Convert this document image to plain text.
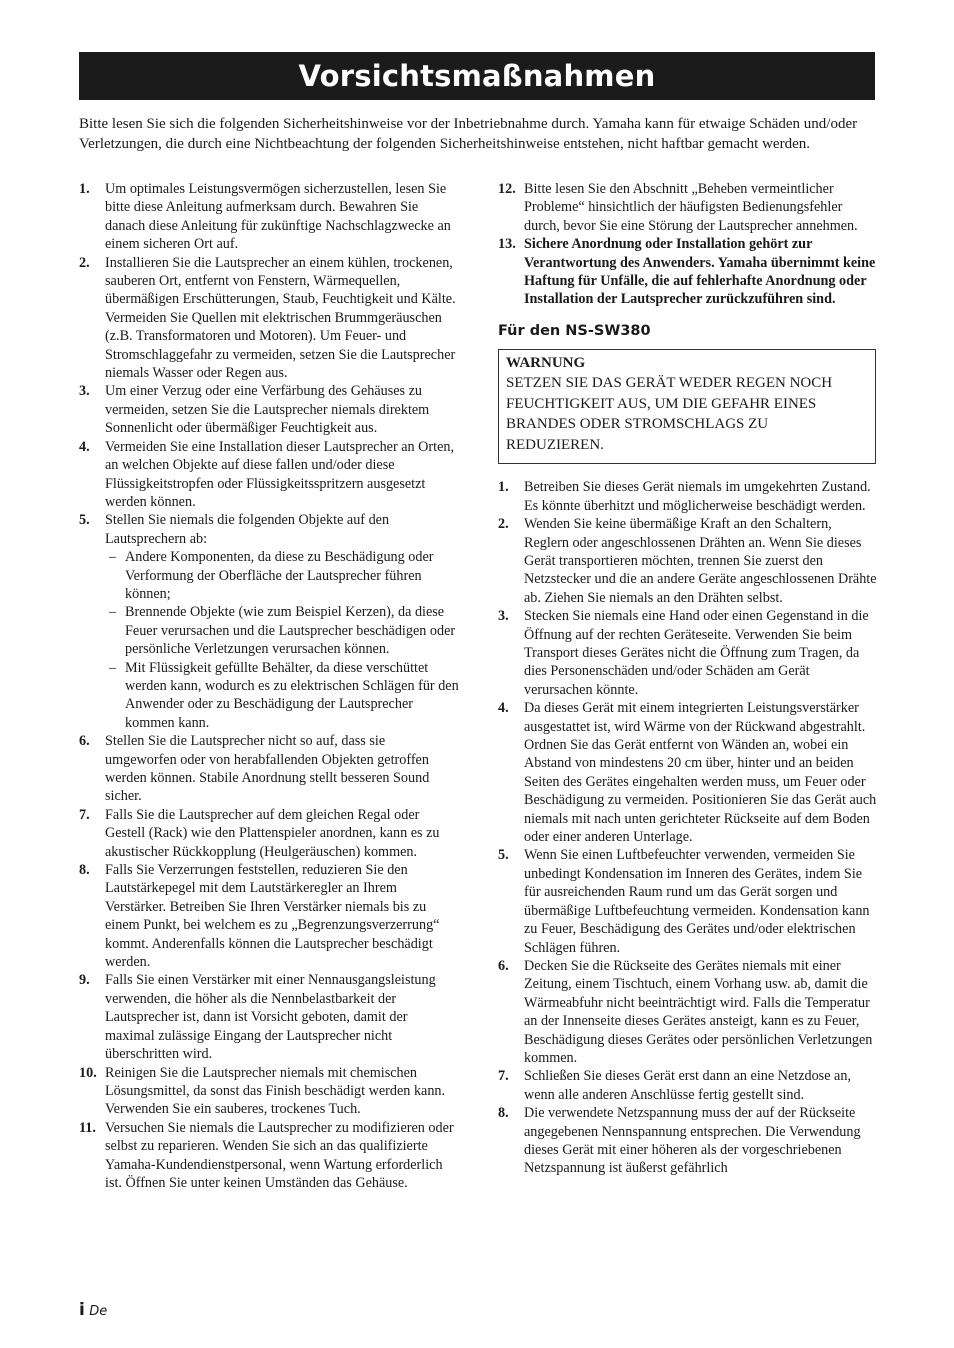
Vorsichtsmaßnahmen

Bitte lesen Sie sich die folgenden Sicherheitshinweise vor der Inbetriebnahme durch. Yamaha kann für etwaige Schäden und/oder Verletzungen, die durch eine Nichtbeachtung der folgenden Sicherheitshinweise entstehen, nicht haftbar gemacht werden.

1. Um optimales Leistungsvermögen sicherzustellen, lesen Sie bitte diese Anleitung aufmerksam durch. Bewahren Sie danach diese Anleitung für zukünftige Nachschlagzwecke an einem sicheren Ort auf.
2. Installieren Sie die Lautsprecher an einem kühlen, trockenen, sauberen Ort, entfernt von Fenstern, Wärmequellen, übermäßigen Erschütterungen, Staub, Feuchtigkeit und Kälte. Vermeiden Sie Quellen mit elektrischen Brummgeräuschen (z.B. Transformatoren und Motoren). Um Feuer- und Stromschlaggefahr zu vermeiden, setzen Sie die Lautsprecher niemals Wasser oder Regen aus.
3. Um einer Verzug oder eine Verfärbung des Gehäuses zu vermeiden, setzen Sie die Lautsprecher niemals direktem Sonnenlicht oder übermäßiger Feuchtigkeit aus.
4. Vermeiden Sie eine Installation dieser Lautsprecher an Orten, an welchen Objekte auf diese fallen und/oder diese Flüssigkeitstropfen oder Flüssigkeitsspritzern ausgesetzt werden können.
5. Stellen Sie niemals die folgenden Objekte auf den Lautsprechern ab:
– Andere Komponenten, da diese zu Beschädigung oder Verformung der Oberfläche der Lautsprecher führen können;
– Brennende Objekte (wie zum Beispiel Kerzen), da diese Feuer verursachen und die Lautsprecher beschädigen oder persönliche Verletzungen verursachen können.
– Mit Flüssigkeit gefüllte Behälter, da diese verschüttet werden kann, wodurch es zu elektrischen Schlägen für den Anwender oder zu Beschädigung der Lautsprecher kommen kann.
6. Stellen Sie die Lautsprecher nicht so auf, dass sie umgeworfen oder von herabfallenden Objekten getroffen werden können. Stabile Anordnung stellt besseren Sound sicher.
7. Falls Sie die Lautsprecher auf dem gleichen Regal oder Gestell (Rack) wie den Plattenspieler anordnen, kann es zu akustischer Rückkopplung (Heulgeräuschen) kommen.
8. Falls Sie Verzerrungen feststellen, reduzieren Sie den Lautstärkepegel mit dem Lautstärkeregler an Ihrem Verstärker. Betreiben Sie Ihren Verstärker niemals bis zu einem Punkt, bei welchem es zu „Begrenzungsverzerrung“ kommt. Anderenfalls können die Lautsprecher beschädigt werden.
9. Falls Sie einen Verstärker mit einer Nennausgangsleistung verwenden, die höher als die Nennbelastbarkeit der Lautsprecher ist, dann ist Vorsicht geboten, damit der maximal zulässige Eingang der Lautsprecher nicht überschritten wird.
10. Reinigen Sie die Lautsprecher niemals mit chemischen Lösungsmittel, da sonst das Finish beschädigt werden kann. Verwenden Sie ein sauberes, trockenes Tuch.
11. Versuchen Sie niemals die Lautsprecher zu modifizieren oder selbst zu reparieren. Wenden Sie sich an das qualifizierte Yamaha-Kundendienstpersonal, wenn Wartung erforderlich ist. Öffnen Sie unter keinen Umständen das Gehäuse.
12. Bitte lesen Sie den Abschnitt „Beheben vermeintlicher Probleme“ hinsichtlich der häufigsten Bedienungsfehler durch, bevor Sie eine Störung der Lautsprecher annehmen.
13. Sichere Anordnung oder Installation gehört zur Verantwortung des Anwenders. Yamaha übernimmt keine Haftung für Unfälle, die auf fehlerhafte Anordnung oder Installation der Lautsprecher zurückzuführen sind.
Für den NS-SW380
WARNUNG
SETZEN SIE DAS GERÄT WEDER REGEN NOCH FEUCHTIGKEIT AUS, UM DIE GEFAHR EINES BRANDES ODER STROMSCHLAGS ZU REDUZIEREN.
1. Betreiben Sie dieses Gerät niemals im umgekehrten Zustand. Es könnte überhitzt und möglicherweise beschädigt werden.
2. Wenden Sie keine übermäßige Kraft an den Schaltern, Reglern oder angeschlossenen Drähten an. Wenn Sie dieses Gerät transportieren möchten, trennen Sie zuerst den Netzstecker und die an andere Geräte angeschlossenen Drähte ab. Ziehen Sie niemals an den Drähten selbst.
3. Stecken Sie niemals eine Hand oder einen Gegenstand in die Öffnung auf der rechten Geräteseite. Verwenden Sie beim Transport dieses Gerätes nicht die Öffnung zum Tragen, da dies Personenschäden und/oder Schäden am Gerät verursachen könnte.
4. Da dieses Gerät mit einem integrierten Leistungsverstärker ausgestattet ist, wird Wärme von der Rückwand abgestrahlt. Ordnen Sie das Gerät entfernt von Wänden an, wobei ein Abstand von mindestens 20 cm über, hinter und an beiden Seiten des Gerätes eingehalten werden muss, um Feuer oder Beschädigung zu vermeiden. Positionieren Sie das Gerät auch niemals mit nach unten gerichteter Rückseite auf dem Boden oder einer anderen Unterlage.
5. Wenn Sie einen Luftbefeuchter verwenden, vermeiden Sie unbedingt Kondensation im Inneren des Gerätes, indem Sie für ausreichenden Raum rund um das Gerät sorgen und übermäßige Luftbefeuchtung vermeiden. Kondensation kann zu Feuer, Beschädigung des Gerätes und/oder elektrischen Schlägen führen.
6. Decken Sie die Rückseite des Gerätes niemals mit einer Zeitung, einem Tischtuch, einem Vorhang usw. ab, damit die Wärmeabfuhr nicht beeinträchtigt wird. Falls die Temperatur an der Innenseite dieses Gerätes ansteigt, kann es zu Feuer, Beschädigung dieses Gerätes oder persönlichen Verletzungen kommen.
7. Schließen Sie dieses Gerät erst dann an eine Netzdose an, wenn alle anderen Anschlüsse fertig gestellt sind.
8. Die verwendete Netzspannung muss der auf der Rückseite angegebenen Nennspannung entsprechen. Die Verwendung dieses Gerät mit einer höheren als der vorgeschriebenen Netzspannung ist äußerst gefährlich
i De
